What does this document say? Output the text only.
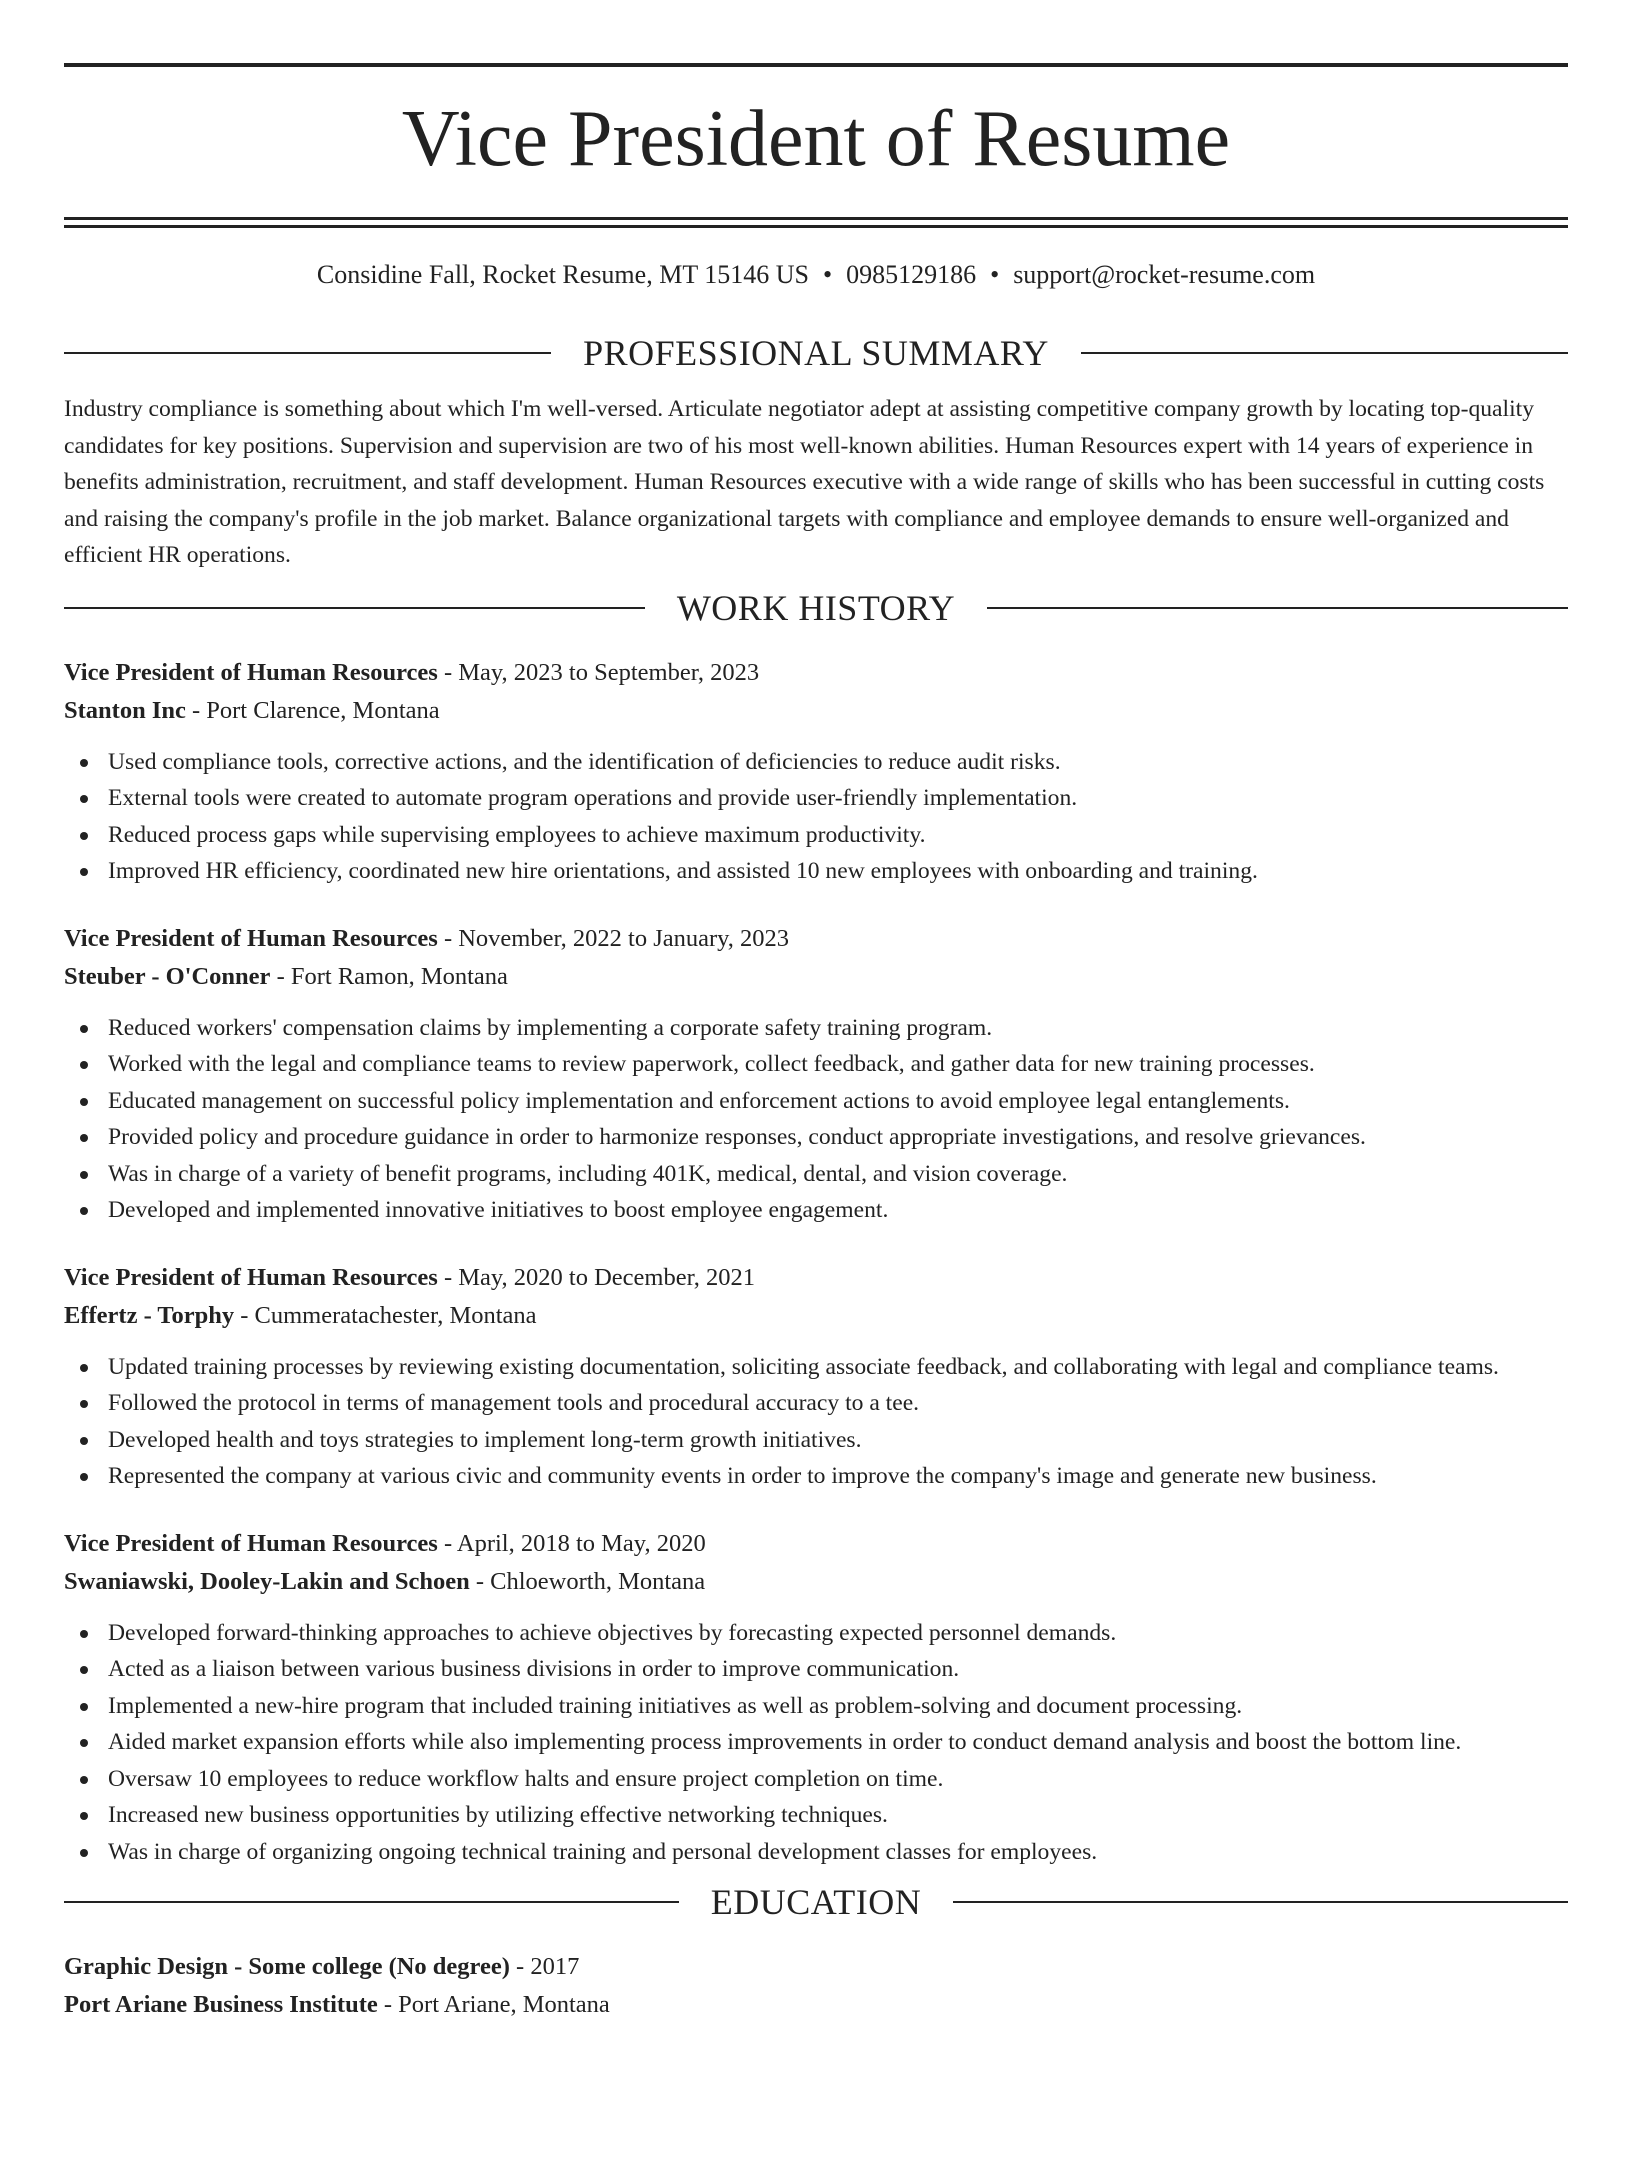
Vice President of Resume
Considine Fall, Rocket Resume, MT 15146 US • 0985129186 • support@rocket-resume.com
PROFESSIONAL SUMMARY

Industry compliance is something about which I'm well-versed. Articulate negotiator adept at assisting competitive company growth by locating top-quality candidates for key positions. Supervision and supervision are two of his most well-known abilities. Human Resources expert with 14 years of experience in benefits administration, recruitment, and staff development. Human Resources executive with a wide range of skills who has been successful in cutting costs and raising the company's profile in the job market. Balance organizational targets with compliance and employee demands to ensure well-organized and efficient HR operations.

WORK HISTORY
Vice President of Human Resources - May, 2023 to September, 2023
Stanton Inc - Port Clarence, Montana
Used compliance tools, corrective actions, and the identification of deficiencies to reduce audit risks.
External tools were created to automate program operations and provide user-friendly implementation.
Reduced process gaps while supervising employees to achieve maximum productivity.
Improved HR efficiency, coordinated new hire orientations, and assisted 10 new employees with onboarding and training.
Vice President of Human Resources - November, 2022 to January, 2023
Steuber - O'Conner - Fort Ramon, Montana
Reduced workers' compensation claims by implementing a corporate safety training program.
Worked with the legal and compliance teams to review paperwork, collect feedback, and gather data for new training processes.
Educated management on successful policy implementation and enforcement actions to avoid employee legal entanglements.
Provided policy and procedure guidance in order to harmonize responses, conduct appropriate investigations, and resolve grievances.
Was in charge of a variety of benefit programs, including 401K, medical, dental, and vision coverage.
Developed and implemented innovative initiatives to boost employee engagement.
Vice President of Human Resources - May, 2020 to December, 2021
Effertz - Torphy - Cummeratachester, Montana
Updated training processes by reviewing existing documentation, soliciting associate feedback, and collaborating with legal and compliance teams.
Followed the protocol in terms of management tools and procedural accuracy to a tee.
Developed health and toys strategies to implement long-term growth initiatives.
Represented the company at various civic and community events in order to improve the company's image and generate new business.
Vice President of Human Resources - April, 2018 to May, 2020
Swaniawski, Dooley-Lakin and Schoen - Chloeworth, Montana
Developed forward-thinking approaches to achieve objectives by forecasting expected personnel demands.
Acted as a liaison between various business divisions in order to improve communication.
Implemented a new-hire program that included training initiatives as well as problem-solving and document processing.
Aided market expansion efforts while also implementing process improvements in order to conduct demand analysis and boost the bottom line.
Oversaw 10 employees to reduce workflow halts and ensure project completion on time.
Increased new business opportunities by utilizing effective networking techniques.
Was in charge of organizing ongoing technical training and personal development classes for employees.
EDUCATION
Graphic Design - Some college (No degree) - 2017
Port Ariane Business Institute - Port Ariane, Montana
